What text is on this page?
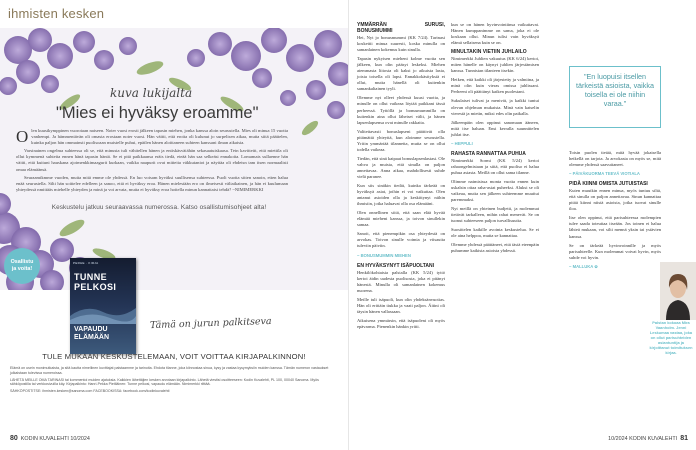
ihmisten kesken
kuva lukijalta
"Mies ei hyväksy eroamme"

Olen kuusikymppinen vuorotaan naiseen. Noter vuosi erosti jälkeen tapasin miehen, jonka kanssa aloin seurustella. Mies oli minua 15 vuotta vanhempi. Ja hämmentävän oli omasta erostaan noter vuosi. Hän väitti, että eroita oli kulunut jo surpelisen aikaa, mutta siitä päättelen, kuinka paljon hän ommainsti puolisoaan muistelle puhui, epäilen hänen aloittaneen suhteen kanssani ilman aikaisia.

Varsinainen ongelma suhteessa oli se, että minusta tuli vähitellen hänen ja entiskäsväiähän sekasaatuiskaasa. Tein kavitteitt, että miettila oli ollut kymmenä suhteita ennen hänä tapasin häntä. Se ei pitä paikkaansa eräis tiedä, eteää hän saa selkeäsi ennakoita. Lomamais sullaenne hän väitti, että kuituni hauskana ajoimenkkimaagurit kurkaan, vaikka naapurit ovat mitteita väkkutaniot ja näyttäa oli ehdeisn tam itsen normaalisti omaa elämäänsä.

Seuraamikmme vuoden, mutta mitä emme ole yhdessä. En luo voisam hyväksi suullisensa suhteessa. Puoli vuotta sitten sanoin, etten halua enää seurustella. Silti hän soittelee edelleen ja sanoo, että ei hyväksy eroa. Hänen mielestään ero on ilmeisesti väliaikainen, ja hän ei kuulumaan yhteydessä nmittääs miehelle yhteyden ja minä ja voi arvata, mutta ei hyväksy eroa hoitella minun kannattaisi tehdä? ~NIMIMERKKI

Keskustelu jatkuu seuraavassa numerossa. Katso osallistumisohjeet alta!
Osallistu
ja voita!
PERHE · KIRJA
TUNNE
PELKOSI
VAPAUDU
ELÄMÄÄN
Tämä on jurun palkitseva
TULE MUKAAN KESKUSTELEMAAN, VOIT VOITTAA KIRJAPALKINNON!

Elämä on usein monimutkaista, ja sitä kautta nimellinen kuvittajat palstaamme ja tarinoita. Ehdota tilanne, joka kiinnostaa sinua, kysy ja vastaa kysymyksiin muiden kanssa. Tämän numeron vastaukset julkaistaan tulevissa numeroissa.

LÄHETÄ MEILLE OMA TARINASI tai kommentoi muiden ajatuksia. Kaikkien lähettäjien kesken arvotaan kirjapalkinto. Lähetä viestisi osoitteeseen: Kodin Kuvalehti, PL 100, 00040 Sanoma. Myös sähköpostilla tai verkkosivuilla käy. Kirjapalkinto: Hanri-Pekka Pietiläinen: Tunne pelkosi, vapaudu elämään. Nimimerkki riittää.

SÄHKÖPOSTITSE: ihmisten.kesken@sanoma.com FACEBOOKISSA: facebook.com/kodinkuvalehti

80 KODIN KUVALEHTI 10/2024
YMMÄRRÄN SURUSI, BONUSMUMMI

Hei, Nyt jo bonusmummi (KK 7/24). Tarinasi koskettii minua suuresti, koska minulla on samanlainen kokemus kuin sinulla.

Tapasin nykyisen mieheni kolme vuotta sen jälkeen, kun olin pääsyt leskeksi. Miehen aiemmasta liitosta oli kaksi jo aikuista lasta, joista toisella oli lapsi. Ennakkokäsityksiä ei ollut, mutta hänellä oli kuitenkin samankaltainen tyyli.

Olemme nyt olleet yhdessä kuusi vuotta, ja minulle on ollut vaikeaa löytää paikkani tässä perheessä. Tyttöllä ja bonusmummilla on kuitenkin aina ollut läheiset välit, ja hänen lapsenlapsensa ovat minulle rakkaita.

Valitettavasti bonuslapseni päättivät olla pitämättä yhteyttä, kun aloimme seurustella. Yritin ymmärtää tilannetta, mutta se on ollut todella vaikeaa.

Tiedän, että sinä kaipaat bonuslapsenlastasi. Ole vahva ja muista, että sinulla on paljon annettavaa. Anna aikaa, mahdollisesti suhde vielä paranee.

Kun siis sinäkin tiedät, kuinka tärkeää on hyväksyä asiat, joihin ei voi vaikuttaa. Olen antanut asioiden olla ja keskittynyt niihin ihmisiin, jotka haluavat olla osa elämääni.

Olen onnellinen siitä, että saan elää hyvää elämää mieheni kanssa, ja toivon sinullekin samaa.

Sanoit, että pienempikin osa yhteydestä on arvokas. Toivon sinulle voimia ja viisautta tuleviin päiviin.

~ BONUSMUMMIN MIEHEN

EN HYVÄKSYNYT ISÄPUOLTANI

Henkilökohtaisia palstalla (KK 5/24) tyttö kertoi äidin uudesta puolisosta, joka ei pitänyt hänestä. Minulla oli samanlainen kokemus nuorena.

Meille tuli isäpuoli, kun olin yhdeksänvuotias. Hän oli erittäin tiukka ja vaati paljon. Äitini oli täysin hänen vallassaan.

Aikuisena ymmärsin, että isäpuoleni oli myös epävarma. Pienenkin hänkin yritti.

kun se on hänen hyvinvointiinsa vaikuttavat. Hänen kumppanimme on sama, joka ei ole koskaan ollut. Minun tulisi vain hyväksyä elämä sellaisena kuin se on.

MINULTAKIN VIETIIN JUHLAILO

Nimimerkki Juhlien vakuutus (KK 6/24) kertoi, miten hänelle on käynyt juhlien järjestämisen kanssa. Tunnistan tilanteen itsekin.

Hetken, että kaikki oli järjestetty ja valmiina, ja minä olin kuin vieras omissa juhlissani. Perheeni oli päättänyt kaiken puolestani.

Sukulaiset tulivat ja menivät, ja kaikki tuntui olevan ohjelman mukaista. Minä vain katselin vierestä ja mietin, miksi edes olin paikalla.

Jälkeenpäin olen oppinut sanomaan ääneen, mitä itse haluan. Ensi kerralla suunnittelen juhlat itse.

~ HEPPULI

RAHASTA RANNATTAA PUHUA

Nimimerkki Sormi (KK 5/24) kertoi rahaongelmistaan ja siitä, että puoliso ei halua puhua asiasta. Meillä on ollut sama tilanne.

Olimme naimisissa monta vuotta ennen kuin uskalsin ottaa raha-asiat puheeksi. Aluksi se oli vaikeaa, mutta sen jälkeen suhteemme muuttui paremmaksi.

Nyt meillä on yhteinen budjetti, ja molemmat tietävät tarkalleen, mihin rahat menevät. Se on tuonut suhteeseen paljon turvallisuutta.

Suosittelen kaikille avointa keskustelua. Se ei ole aina helppoa, mutta se kannattaa.

Olemme yhdessä päättäneet, että tästä eteenpäin puhumme kaikista asioista yhdessä.

"En luopuisi itsellen tärkeistä asioista, vaikka toisella ei ole niihin varaa."

Toisin puolen tietää, mitä hyvää jokaisella hetkellä on tarjota. Ja arvokasta on myös se, mitä olemme yhdessä saavuttaneet.

~ PÄIVÄKUORMA TEEVÄ VIOTIALA

PIDÄ KIINNI OMISTA JUTUISTASI

Kuten muutkin ennen minua, myös tuntuu siltä, että sinulla on paljon annettavaa. Sinun kannattaa pitää kiinni niistä asioista, jotka tuovat sinulle iloa.

Itse olen oppinut, että parisuhteessa molempien tulee saada toteuttaa itseään. Jos toinen ei halua lähteä mukaan, voi silti mennä yksin tai ystävien kanssa.

Se on tärkeää hyvinvoinnille ja myös parisuhteelle. Kun molemmat voivat hyvin, myös suhde voi hyvin.

~ MALLUKA ✿

Palstan kokoaa Mira Vaanholm. Jenni Leskumaa vastaa, joka on ollut parisuhteiden asiantuntija ja kirjoittanut toimituksen kirjaa.
10/2024 KODIN KUVALEHTI 81
